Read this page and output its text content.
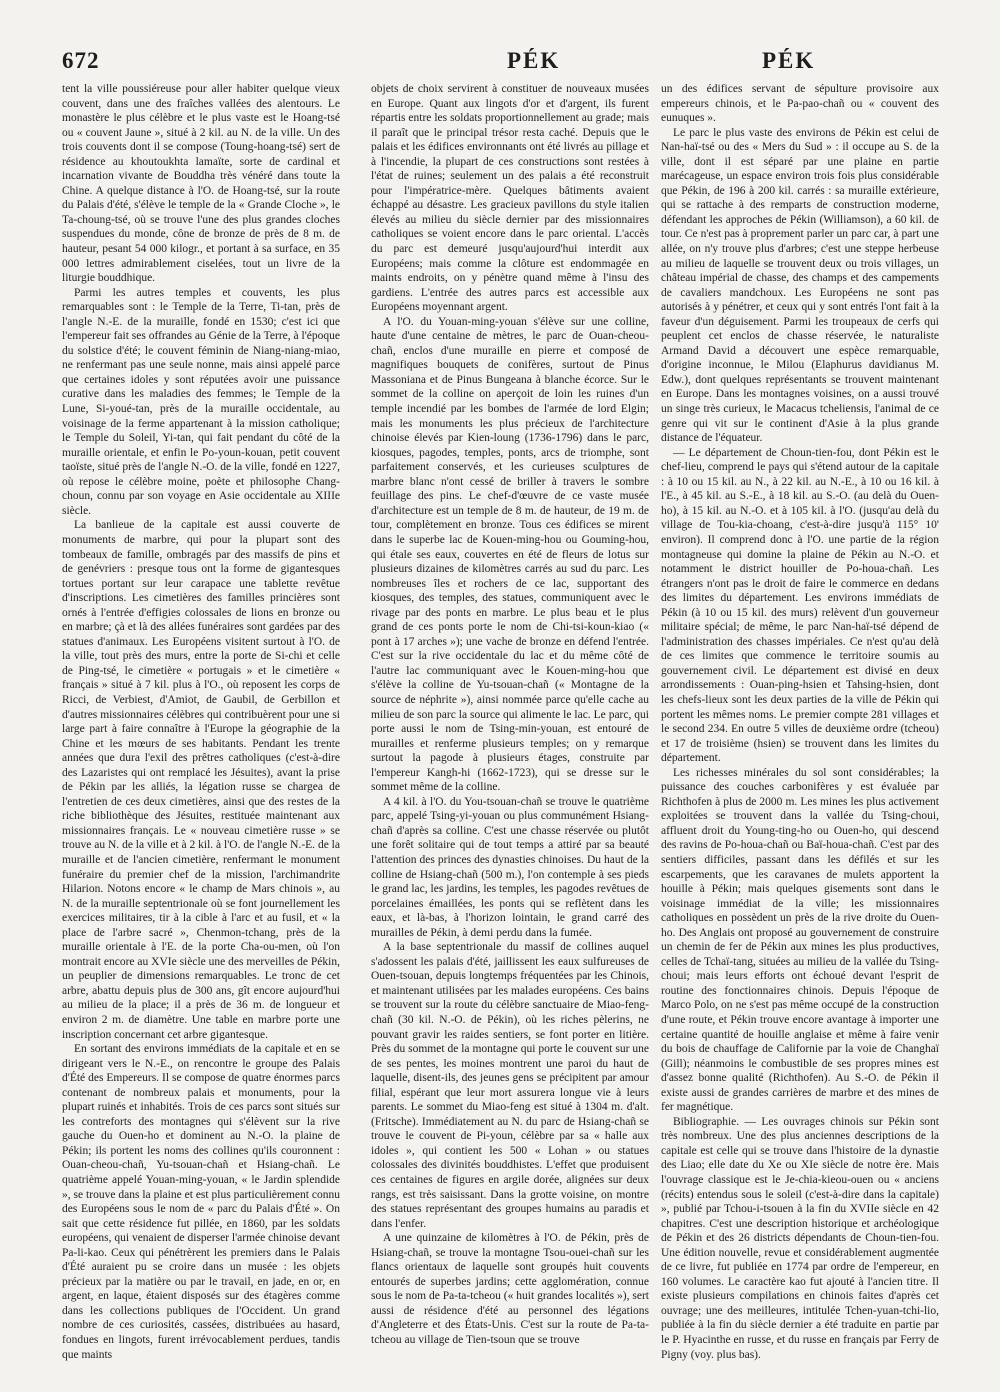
672	PÉK	PÉK

tent la ville poussiéreuse pour aller habiter quelque vieux couvent, dans une des fraîches vallées des alentours. Le monastère le plus célèbre et le plus vaste est le Hoang-tsé ou « couvent Jaune », situé à 2 kil. au N. de la ville. Un des trois couvents dont il se compose (Toung-hoang-tsé) sert de résidence au khoutoukhta lamaïte, sorte de cardinal et incarnation vivante de Bouddha très vénéré dans toute la Chine. A quelque distance à l'O. de Hoang-tsé, sur la route du Palais d'été, s'élève le temple de la « Grande Cloche », le Ta-choung-tsé, où se trouve l'une des plus grandes cloches suspendues du monde, cône de bronze de près de 8 m. de hauteur, pesant 54 000 kilogr., et portant à sa surface, en 35 000 lettres admirablement ciselées, tout un livre de la liturgie bouddhique.

Parmi les autres temples et couvents, les plus remarquables sont : le Temple de la Terre, Ti-tan, près de l'angle N.-E. de la muraille, fondé en 1530; c'est ici que l'empereur fait ses offrandes au Génie de la Terre, à l'époque du solstice d'été; le couvent féminin de Niang-niang-miao, ne renfermant pas une seule nonne, mais ainsi appelé parce que certaines idoles y sont réputées avoir une puissance curative dans les maladies des femmes; le Temple de la Lune, Si-youé-tan, près de la muraille occidentale, au voisinage de la ferme appartenant à la mission catholique; le Temple du Soleil, Yi-tan, qui fait pendant du côté de la muraille orientale, et enfin le Po-youn-kouan, petit couvent taoïste, situé près de l'angle N.-O. de la ville, fondé en 1227, où repose le célèbre moine, poète et philosophe Chang-choun, connu par son voyage en Asie occidentale au XIIIe siècle.

La banlieue de la capitale est aussi couverte de monuments de marbre, qui pour la plupart sont des tombeaux de famille, ombragés par des massifs de pins et de genévriers : presque tous ont la forme de gigantesques tortues portant sur leur carapace une tablette revêtue d'inscriptions. Les cimetières des familles princières sont ornés à l'entrée d'effigies colossales de lions en bronze ou en marbre; çà et là des allées funéraires sont gardées par des statues d'animaux. Les Européens visitent surtout à l'O. de la ville, tout près des murs, entre la porte de Si-chi et celle de Ping-tsé, le cimetière « portugais » et le cimetière « français » situé à 7 kil. plus à l'O., où reposent les corps de Ricci, de Verbiest, d'Amiot, de Gaubil, de Gerbillon et d'autres missionnaires célèbres qui contribuèrent pour une si large part à faire connaître à l'Europe la géographie de la Chine et les mœurs de ses habitants. Pendant les trente années que dura l'exil des prêtres catholiques (c'est-à-dire des Lazaristes qui ont remplacé les Jésuites), avant la prise de Pékin par les alliés, la légation russe se chargea de l'entretien de ces deux cimetières, ainsi que des restes de la riche bibliothèque des Jésuites, restituée maintenant aux missionnaires français. Le « nouveau cimetière russe » se trouve au N. de la ville et à 2 kil. à l'O. de l'angle N.-E. de la muraille et de l'ancien cimetière, renfermant le monument funéraire du premier chef de la mission, l'archimandrite Hilarion. Notons encore « le champ de Mars chinois », au N. de la muraille septentrionale où se font journellement les exercices militaires, tir à la cible à l'arc et au fusil, et « la place de l'arbre sacré », Chenmon-tchang, près de la muraille orientale à l'E. de la porte Cha-ou-men, où l'on montrait encore au XVIe siècle une des merveilles de Pékin, un peuplier de dimensions remarquables. Le tronc de cet arbre, abattu depuis plus de 300 ans, gît encore aujourd'hui au milieu de la place; il a près de 36 m. de longueur et environ 2 m. de diamètre. Une table en marbre porte une inscription concernant cet arbre gigantesque.

En sortant des environs immédiats de la capitale et en se dirigeant vers le N.-E., on rencontre le groupe des Palais d'Été des Empereurs. Il se compose de quatre énormes parcs contenant de nombreux palais et monuments, pour la plupart ruinés et inhabités. Trois de ces parcs sont situés sur les contreforts des montagnes qui s'élèvent sur la rive gauche du Ouen-ho et dominent au N.-O. la plaine de Pékin; ils portent les noms des collines qu'ils couronnent : Ouan-cheou-chañ, Yu-tsouan-chañ et Hsiang-chañ. Le quatrième appelé Youan-ming-youan, « le Jardin splendide », se trouve dans la plaine et est plus particulièrement connu des Européens sous le nom de « parc du Palais d'Été ». On sait que cette résidence fut pillée, en 1860, par les soldats européens, qui venaient de disperser l'armée chinoise devant Pa-li-kao. Ceux qui pénétrèrent les premiers dans le Palais d'Été auraient pu se croire dans un musée : les objets précieux par la matière ou par le travail, en jade, en or, en argent, en laque, étaient disposés sur des étagères comme dans les collections publiques de l'Occident. Un grand nombre de ces curiosités, cassées, distribuées au hasard, fondues en lingots, furent irrévocablement perdues, tandis que maints

objets de choix servirent à constituer de nouveaux musées en Europe. Quant aux lingots d'or et d'argent, ils furent répartis entre les soldats proportionnellement au grade; mais il paraît que le principal trésor resta caché. Depuis que le palais et les édifices environnants ont été livrés au pillage et à l'incendie, la plupart de ces constructions sont restées à l'état de ruines; seulement un des palais a été reconstruit pour l'impératrice-mère. Quelques bâtiments avaient échappé au désastre. Les gracieux pavillons du style italien élevés au milieu du siècle dernier par des missionnaires catholiques se voient encore dans le parc oriental. L'accès du parc est demeuré jusqu'aujourd'hui interdit aux Européens; mais comme la clôture est endommagée en maints endroits, on y pénètre quand même à l'insu des gardiens. L'entrée des autres parcs est accessible aux Européens moyennant argent.

A l'O. du Youan-ming-youan s'élève sur une colline, haute d'une centaine de mètres, le parc de Ouan-cheou-chañ, enclos d'une muraille en pierre et composé de magnifiques bouquets de conifères, surtout de Pinus Massoniana et de Pinus Bungeana à blanche écorce. Sur le sommet de la colline on aperçoit de loin les ruines d'un temple incendié par les bombes de l'armée de lord Elgin; mais les monuments les plus précieux de l'architecture chinoise élevés par Kien-loung (1736-1796) dans le parc, kiosques, pagodes, temples, ponts, arcs de triomphe, sont parfaitement conservés, et les curieuses sculptures de marbre blanc n'ont cessé de briller à travers le sombre feuillage des pins. Le chef-d'œuvre de ce vaste musée d'architecture est un temple de 8 m. de hauteur, de 19 m. de tour, complètement en bronze. Tous ces édifices se mirent dans le superbe lac de Kouen-ming-hou ou Gouming-hou, qui étale ses eaux, couvertes en été de fleurs de lotus sur plusieurs dizaines de kilomètres carrés au sud du parc. Les nombreuses îles et rochers de ce lac, supportant des kiosques, des temples, des statues, communiquent avec le rivage par des ponts en marbre. Le plus beau et le plus grand de ces ponts porte le nom de Chi-tsi-koun-kiao (« pont à 17 arches »); une vache de bronze en défend l'entrée. C'est sur la rive occidentale du lac et du même côté de l'autre lac communiquant avec le Kouen-ming-hou que s'élève la colline de Yu-tsouan-chañ (« Montagne de la source de néphrite »), ainsi nommée parce qu'elle cache au milieu de son parc la source qui alimente le lac. Le parc, qui porte aussi le nom de Tsing-min-youan, est entouré de murailles et renferme plusieurs temples; on y remarque surtout la pagode à plusieurs étages, construite par l'empereur Kangh-hi (1662-1723), qui se dresse sur le sommet même de la colline.

A 4 kil. à l'O. du You-tsouan-chañ se trouve le quatrième parc, appelé Tsing-yi-youan ou plus communément Hsiang-chañ d'après sa colline. C'est une chasse réservée ou plutôt une forêt solitaire qui de tout temps a attiré par sa beauté l'attention des princes des dynasties chinoises. Du haut de la colline de Hsiang-chañ (500 m.), l'on contemple à ses pieds le grand lac, les jardins, les temples, les pagodes revêtues de porcelaines émaillées, les ponts qui se reflètent dans les eaux, et là-bas, à l'horizon lointain, le grand carré des murailles de Pékin, à demi perdu dans la fumée.

A la base septentrionale du massif de collines auquel s'adossent les palais d'été, jaillissent les eaux sulfureuses de Ouen-tsouan, depuis longtemps fréquentées par les Chinois, et maintenant utilisées par les malades européens. Ces bains se trouvent sur la route du célèbre sanctuaire de Miao-feng-chañ (30 kil. N.-O. de Pékin), où les riches pèlerins, ne pouvant gravir les raides sentiers, se font porter en litière. Près du sommet de la montagne qui porte le couvent sur une de ses pentes, les moines montrent une paroi du haut de laquelle, disent-ils, des jeunes gens se précipitent par amour filial, espérant que leur mort assurera longue vie à leurs parents. Le sommet du Miao-feng est situé à 1304 m. d'alt. (Fritsche). Immédiatement au N. du parc de Hsiang-chañ se trouve le couvent de Pi-youn, célèbre par sa « halle aux idoles », qui contient les 500 « Lohan » ou statues colossales des divinités bouddhistes. L'effet que produisent ces centaines de figures en argile dorée, alignées sur deux rangs, est très saisissant. Dans la grotte voisine, on montre des statues représentant des groupes humains au paradis et dans l'enfer.

A une quinzaine de kilomètres à l'O. de Pékin, près de Hsiang-chañ, se trouve la montagne Tsou-ouei-chañ sur les flancs orientaux de laquelle sont groupés huit couvents entourés de superbes jardins; cette agglomération, connue sous le nom de Pa-ta-tcheou (« huit grandes localités »), sert aussi de résidence d'été au personnel des légations d'Angleterre et des États-Unis. C'est sur la route de Pa-ta-tcheou au village de Tien-tsoun que se trouve

un des édifices servant de sépulture provisoire aux empereurs chinois, et le Pa-pao-chañ ou « couvent des eunuques ».

Le parc le plus vaste des environs de Pékin est celui de Nan-haï-tsé ou des « Mers du Sud » : il occupe au S. de la ville, dont il est séparé par une plaine en partie marécageuse, un espace environ trois fois plus considérable que Pékin, de 196 à 200 kil. carrés : sa muraille extérieure, qui se rattache à des remparts de construction moderne, défendant les approches de Pékin (Williamson), a 60 kil. de tour. Ce n'est pas à proprement parler un parc car, à part une allée, on n'y trouve plus d'arbres; c'est une steppe herbeuse au milieu de laquelle se trouvent deux ou trois villages, un château impérial de chasse, des champs et des campements de cavaliers mandchoux. Les Européens ne sont pas autorisés à y pénétrer, et ceux qui y sont entrés l'ont fait à la faveur d'un déguisement. Parmi les troupeaux de cerfs qui peuplent cet enclos de chasse réservée, le naturaliste Armand David a découvert une espèce remarquable, d'origine inconnue, le Milou (Elaphurus davidianus M. Edw.), dont quelques représentants se trouvent maintenant en Europe. Dans les montagnes voisines, on a aussi trouvé un singe très curieux, le Macacus tcheliensis, l'animal de ce genre qui vit sur le continent d'Asie à la plus grande distance de l'équateur.

— Le département de Choun-tien-fou, dont Pékin est le chef-lieu, comprend le pays qui s'étend autour de la capitale : à 10 ou 15 kil. au N., à 22 kil. au N.-E., à 10 ou 16 kil. à l'E., à 45 kil. au S.-E., à 18 kil. au S.-O. (au delà du Ouen-ho), à 15 kil. au N.-O. et à 105 kil. à l'O. (jusqu'au delà du village de Tou-kia-choang, c'est-à-dire jusqu'à 115° 10' environ). Il comprend donc à l'O. une partie de la région montagneuse qui domine la plaine de Pékin au N.-O. et notamment le district houiller de Po-houa-chañ. Les étrangers n'ont pas le droit de faire le commerce en dedans des limites du département. Les environs immédiats de Pékin (à 10 ou 15 kil. des murs) relèvent d'un gouverneur militaire spécial; de même, le parc Nan-haï-tsé dépend de l'administration des chasses impériales. Ce n'est qu'au delà de ces limites que commence le territoire soumis au gouvernement civil. Le département est divisé en deux arrondissements : Ouan-ping-hsien et Tahsing-hsien, dont les chefs-lieux sont les deux parties de la ville de Pékin qui portent les mêmes noms. Le premier compte 281 villages et le second 234. En outre 5 villes de deuxième ordre (tcheou) et 17 de troisième (hsien) se trouvent dans les limites du département.

Les richesses minérales du sol sont considérables; la puissance des couches carbonifères y est évaluée par Richthofen à plus de 2000 m. Les mines les plus activement exploitées se trouvent dans la vallée du Tsing-choui, affluent droit du Young-ting-ho ou Ouen-ho, qui descend des ravins de Po-houa-chañ ou Baï-houa-chañ. C'est par des sentiers difficiles, passant dans les défilés et sur les escarpements, que les caravanes de mulets apportent la houille à Pékin; mais quelques gisements sont dans le voisinage immédiat de la ville; les missionnaires catholiques en possèdent un près de la rive droite du Ouen-ho. Des Anglais ont proposé au gouvernement de construire un chemin de fer de Pékin aux mines les plus productives, celles de Tchaï-tang, situées au milieu de la vallée du Tsing-choui; mais leurs efforts ont échoué devant l'esprit de routine des fonctionnaires chinois. Depuis l'époque de Marco Polo, on ne s'est pas même occupé de la construction d'une route, et Pékin trouve encore avantage à importer une certaine quantité de houille anglaise et même à faire venir du bois de chauffage de Californie par la voie de Changhaï (Gill); néanmoins le combustible de ses propres mines est d'assez bonne qualité (Richthofen). Au S.-O. de Pékin il existe aussi de grandes carrières de marbre et des mines de fer magnétique.

Bibliographie. — Les ouvrages chinois sur Pékin sont très nombreux. Une des plus anciennes descriptions de la capitale est celle qui se trouve dans l'histoire de la dynastie des Liao; elle date du Xe ou XIe siècle de notre ère. Mais l'ouvrage classique est le Je-chia-kieou-ouen ou « anciens (récits) entendus sous le soleil (c'est-à-dire dans la capitale) », publié par Tchou-i-tsouen à la fin du XVIIe siècle en 42 chapitres. C'est une description historique et archéologique de Pékin et des 26 districts dépendants de Choun-tien-fou. Une édition nouvelle, revue et considérablement augmentée de ce livre, fut publiée en 1774 par ordre de l'empereur, en 160 volumes. Le caractère kao fut ajouté à l'ancien titre. Il existe plusieurs compilations en chinois faites d'après cet ouvrage; une des meilleures, intitulée Tchen-yuan-tchi-lio, publiée à la fin du siècle dernier a été traduite en partie par le P. Hyacinthe en russe, et du russe en français par Ferry de Pigny (voy. plus bas).
